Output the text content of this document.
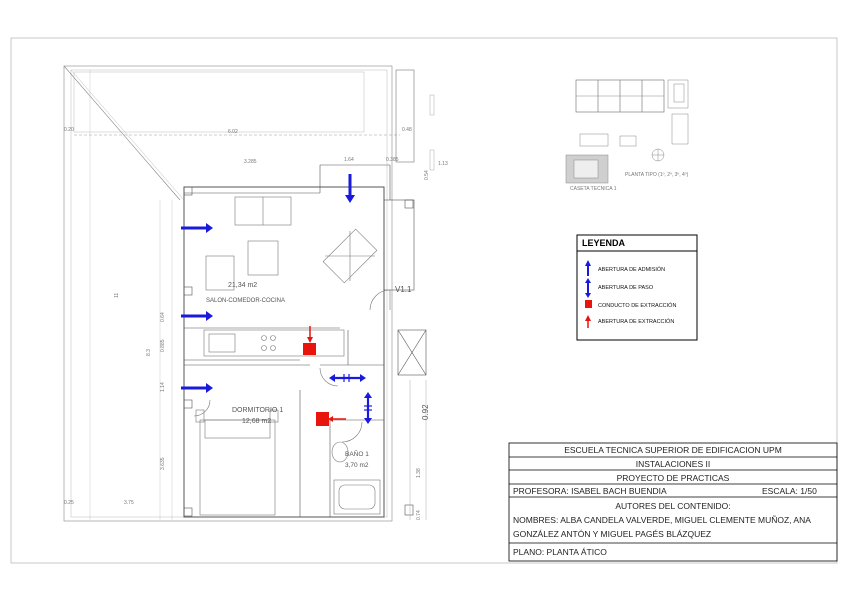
21,34 m2
SALON-COMEDOR-COCINA
DORMITORIO 1
12,68 m2
BAÑO 1
3,70 m2
V1.1
6.02
3.285	1.64	0.385
0.48
0.20
3.75
0.25
0.92
11
8.3
1.14
0.64
1.38
0.74
1.13
0.54
3.635
0.885
PLANTA TIPO (1º, 2º, 3º, 4º)
CASETA TECNICA 1
LEYENDA
ABERTURA DE ADMISIÓN
ABERTURA DE PASO
CONDUCTO DE EXTRACCIÓN
ABERTURA DE EXTRACCIÓN
ESCUELA TECNICA SUPERIOR DE EDIFICACION UPM
INSTALACIONES II
PROYECTO DE PRACTICAS
PROFESORA: ISABEL BACH BUENDIA	ESCALA: 1/50
AUTORES DEL CONTENIDO:
NOMBRES: ALBA CANDELA VALVERDE, MIGUEL CLEMENTE MUÑOZ, ANA
GONZÁLEZ ANTÓN Y MIGUEL PAGÉS BLÁZQUEZ
PLANO: PLANTA ÁTICO
